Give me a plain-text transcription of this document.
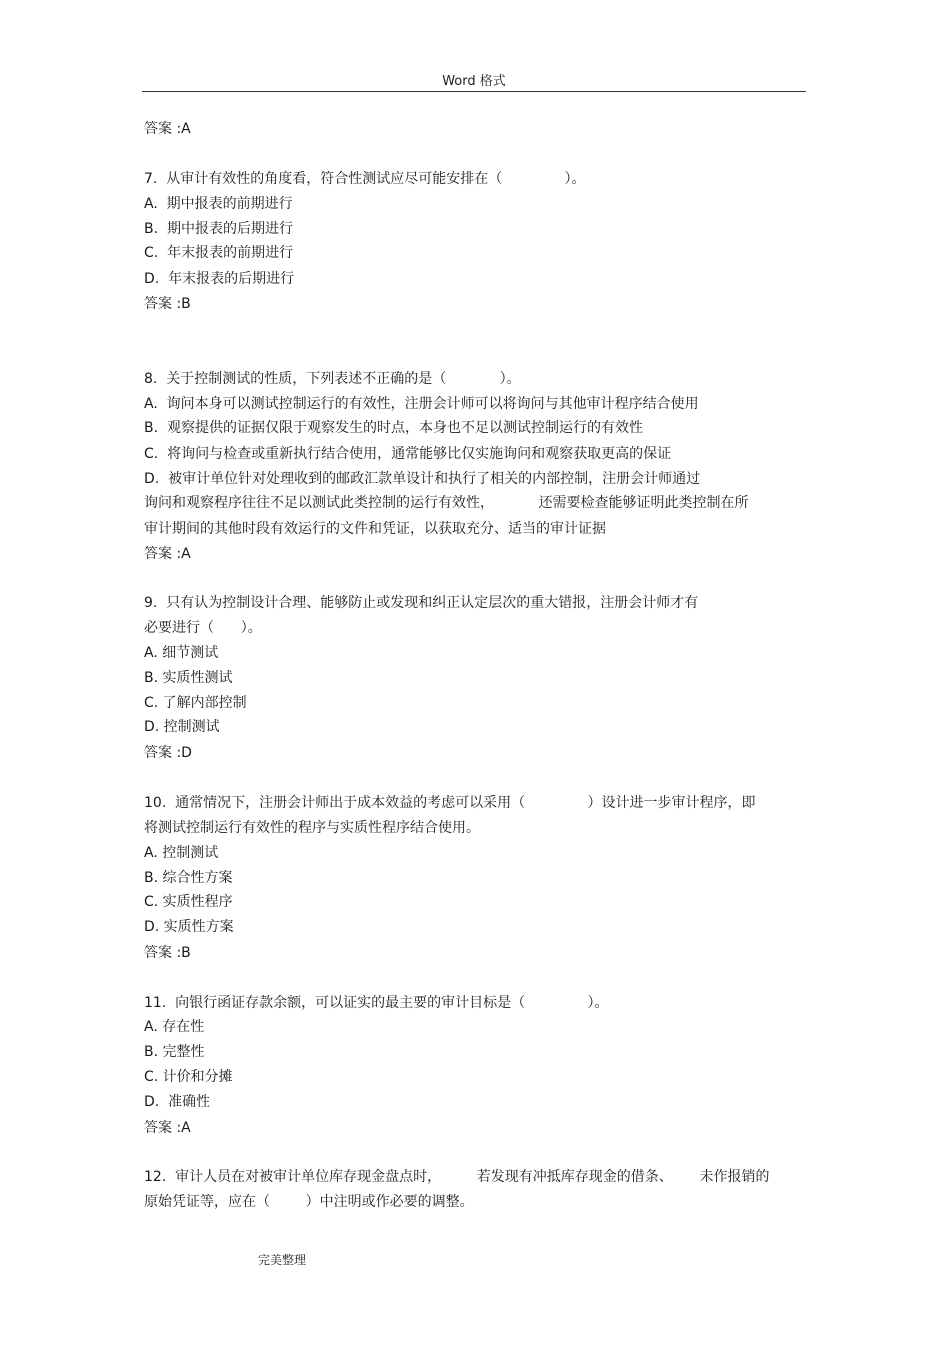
Word 格式
答案 :A
7.  从审计有效性的角度看，符合性测试应尽可能安排在（              ）。
A.  期中报表的前期进行
B.  期中报表的后期进行
C.  年末报表的前期进行
D.  年末报表的后期进行
答案 :B
8.  关于控制测试的性质，下列表述不正确的是（            ）。
A.  询问本身可以测试控制运行的有效性，注册会计师可以将询问与其他审计程序结合使用
B.  观察提供的证据仅限于观察发生的时点，本身也不足以测试控制运行的有效性
C.  将询问与检查或重新执行结合使用，通常能够比仅实施询问和观察获取更高的保证
D.  被审计单位针对处理收到的邮政汇款单设计和执行了相关的内部控制，注册会计师通过
询问和观察程序往往不足以测试此类控制的运行有效性，          还需要检查能够证明此类控制在所
审计期间的其他时段有效运行的文件和凭证，以获取充分、适当的审计证据
答案 :A
9.  只有认为控制设计合理、能够防止或发现和纠正认定层次的重大错报，注册会计师才有
必要进行（      ）。
A. 细节测试
B. 实质性测试
C. 了解内部控制
D. 控制测试
答案 :D
10.  通常情况下，注册会计师出于成本效益的考虑可以采用（              ）设计进一步审计程序，即
将测试控制运行有效性的程序与实质性程序结合使用。
A. 控制测试
B. 综合性方案
C. 实质性程序
D. 实质性方案
答案 :B
11.  向银行函证存款余额，可以证实的最主要的审计目标是（              ）。
A. 存在性
B. 完整性
C. 计价和分摊
D.  准确性
答案 :A
12.  审计人员在对被审计单位库存现金盘点时，        若发现有冲抵库存现金的借条、      未作报销的
原始凭证等，应在（        ）中注明或作必要的调整。
完美整理
